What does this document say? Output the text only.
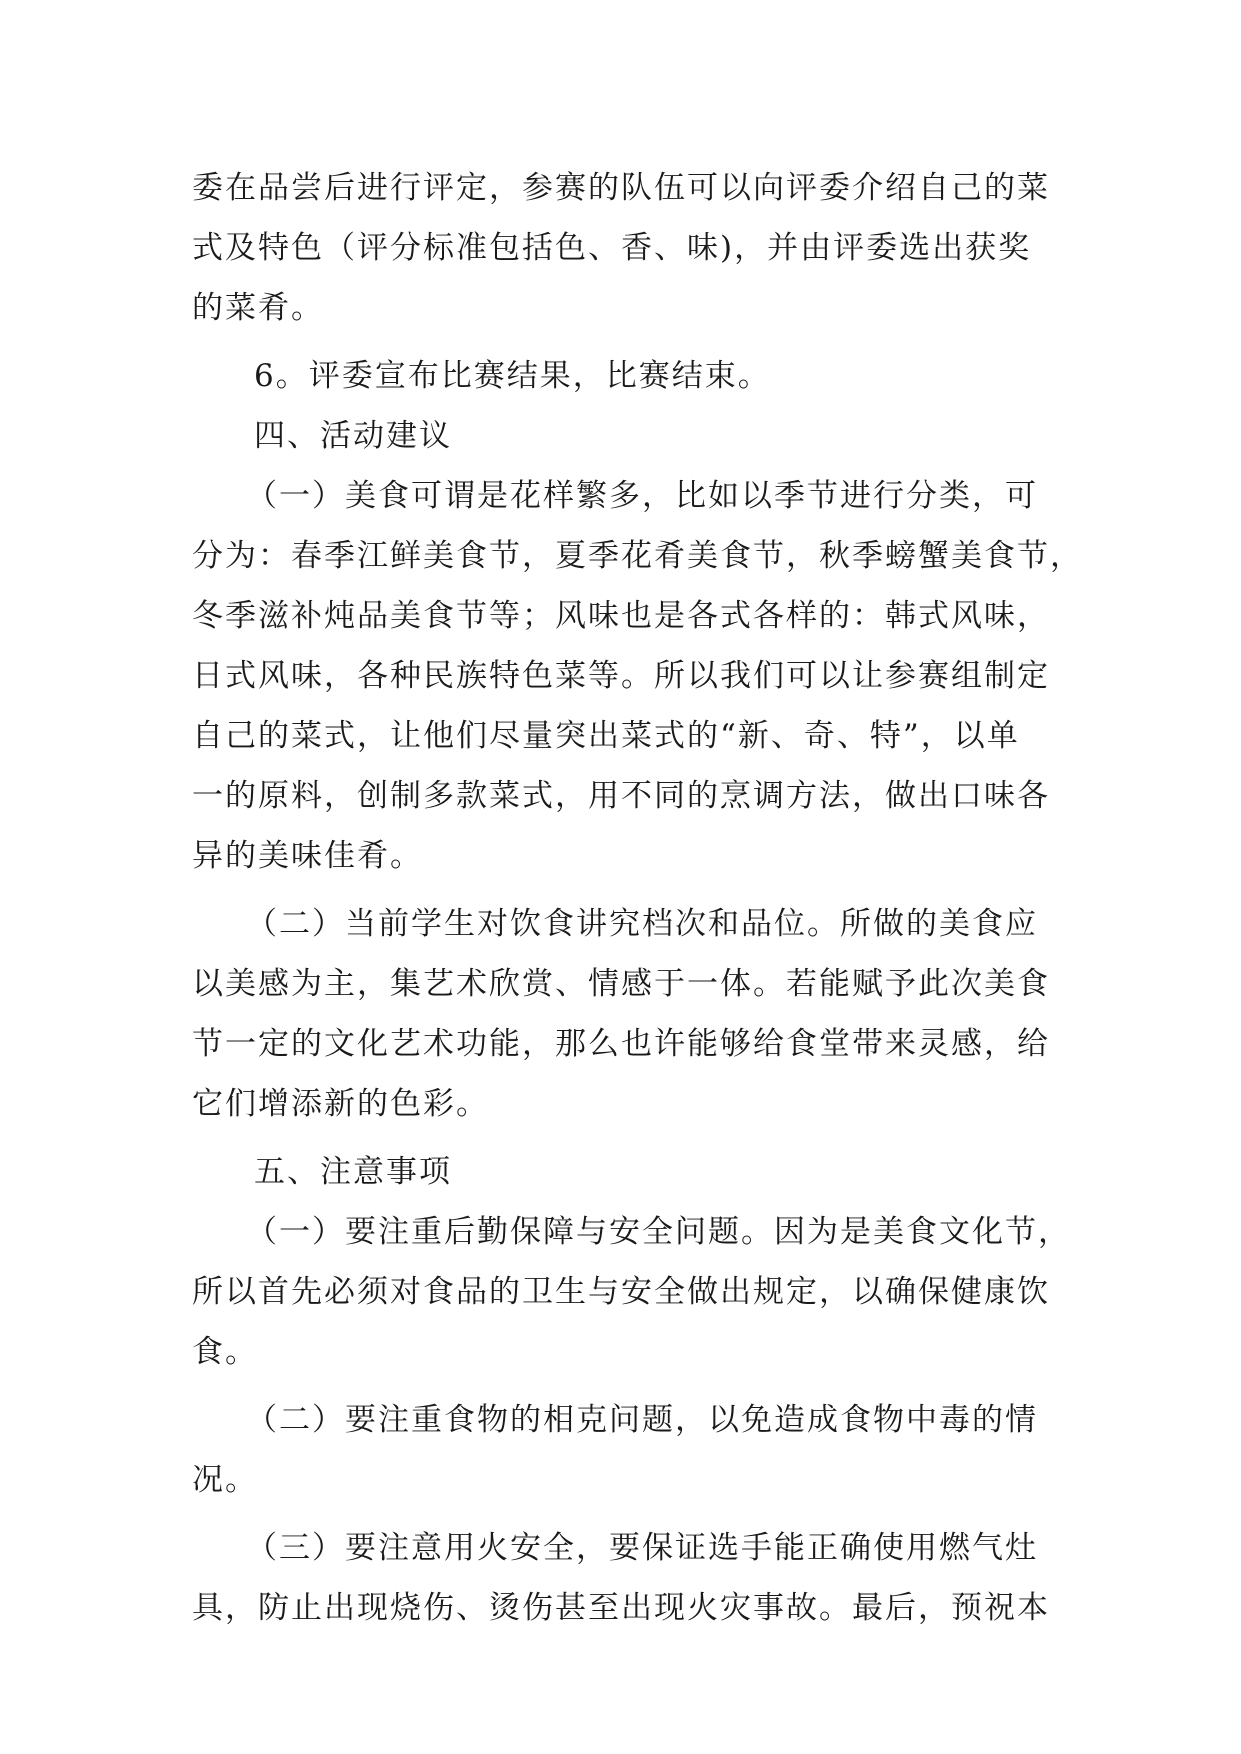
委在品尝后进行评定，参赛的队伍可以向评委介绍自己的菜
式及特色（评分标准包括色、香、味)，并由评委选出获奖
的菜肴。
6。评委宣布比赛结果，比赛结束。
四、活动建议
（一）美食可谓是花样繁多，比如以季节进行分类，可
分为：春季江鲜美食节，夏季花肴美食节，秋季螃蟹美食节，
冬季滋补炖品美食节等；风味也是各式各样的：韩式风味，
日式风味，各种民族特色菜等。所以我们可以让参赛组制定
自己的菜式，让他们尽量突出菜式的“新、奇、特”，以单
一的原料，创制多款菜式，用不同的烹调方法，做出口味各
异的美味佳肴。
（二）当前学生对饮食讲究档次和品位。所做的美食应
以美感为主，集艺术欣赏、情感于一体。若能赋予此次美食
节一定的文化艺术功能，那么也许能够给食堂带来灵感，给
它们增添新的色彩。
五、注意事项
（一）要注重后勤保障与安全问题。因为是美食文化节，
所以首先必须对食品的卫生与安全做出规定，以确保健康饮
食。
（二）要注重食物的相克问题，以免造成食物中毒的情
况。
（三）要注意用火安全，要保证选手能正确使用燃气灶
具，防止出现烧伤、烫伤甚至出现火灾事故。最后，预祝本
